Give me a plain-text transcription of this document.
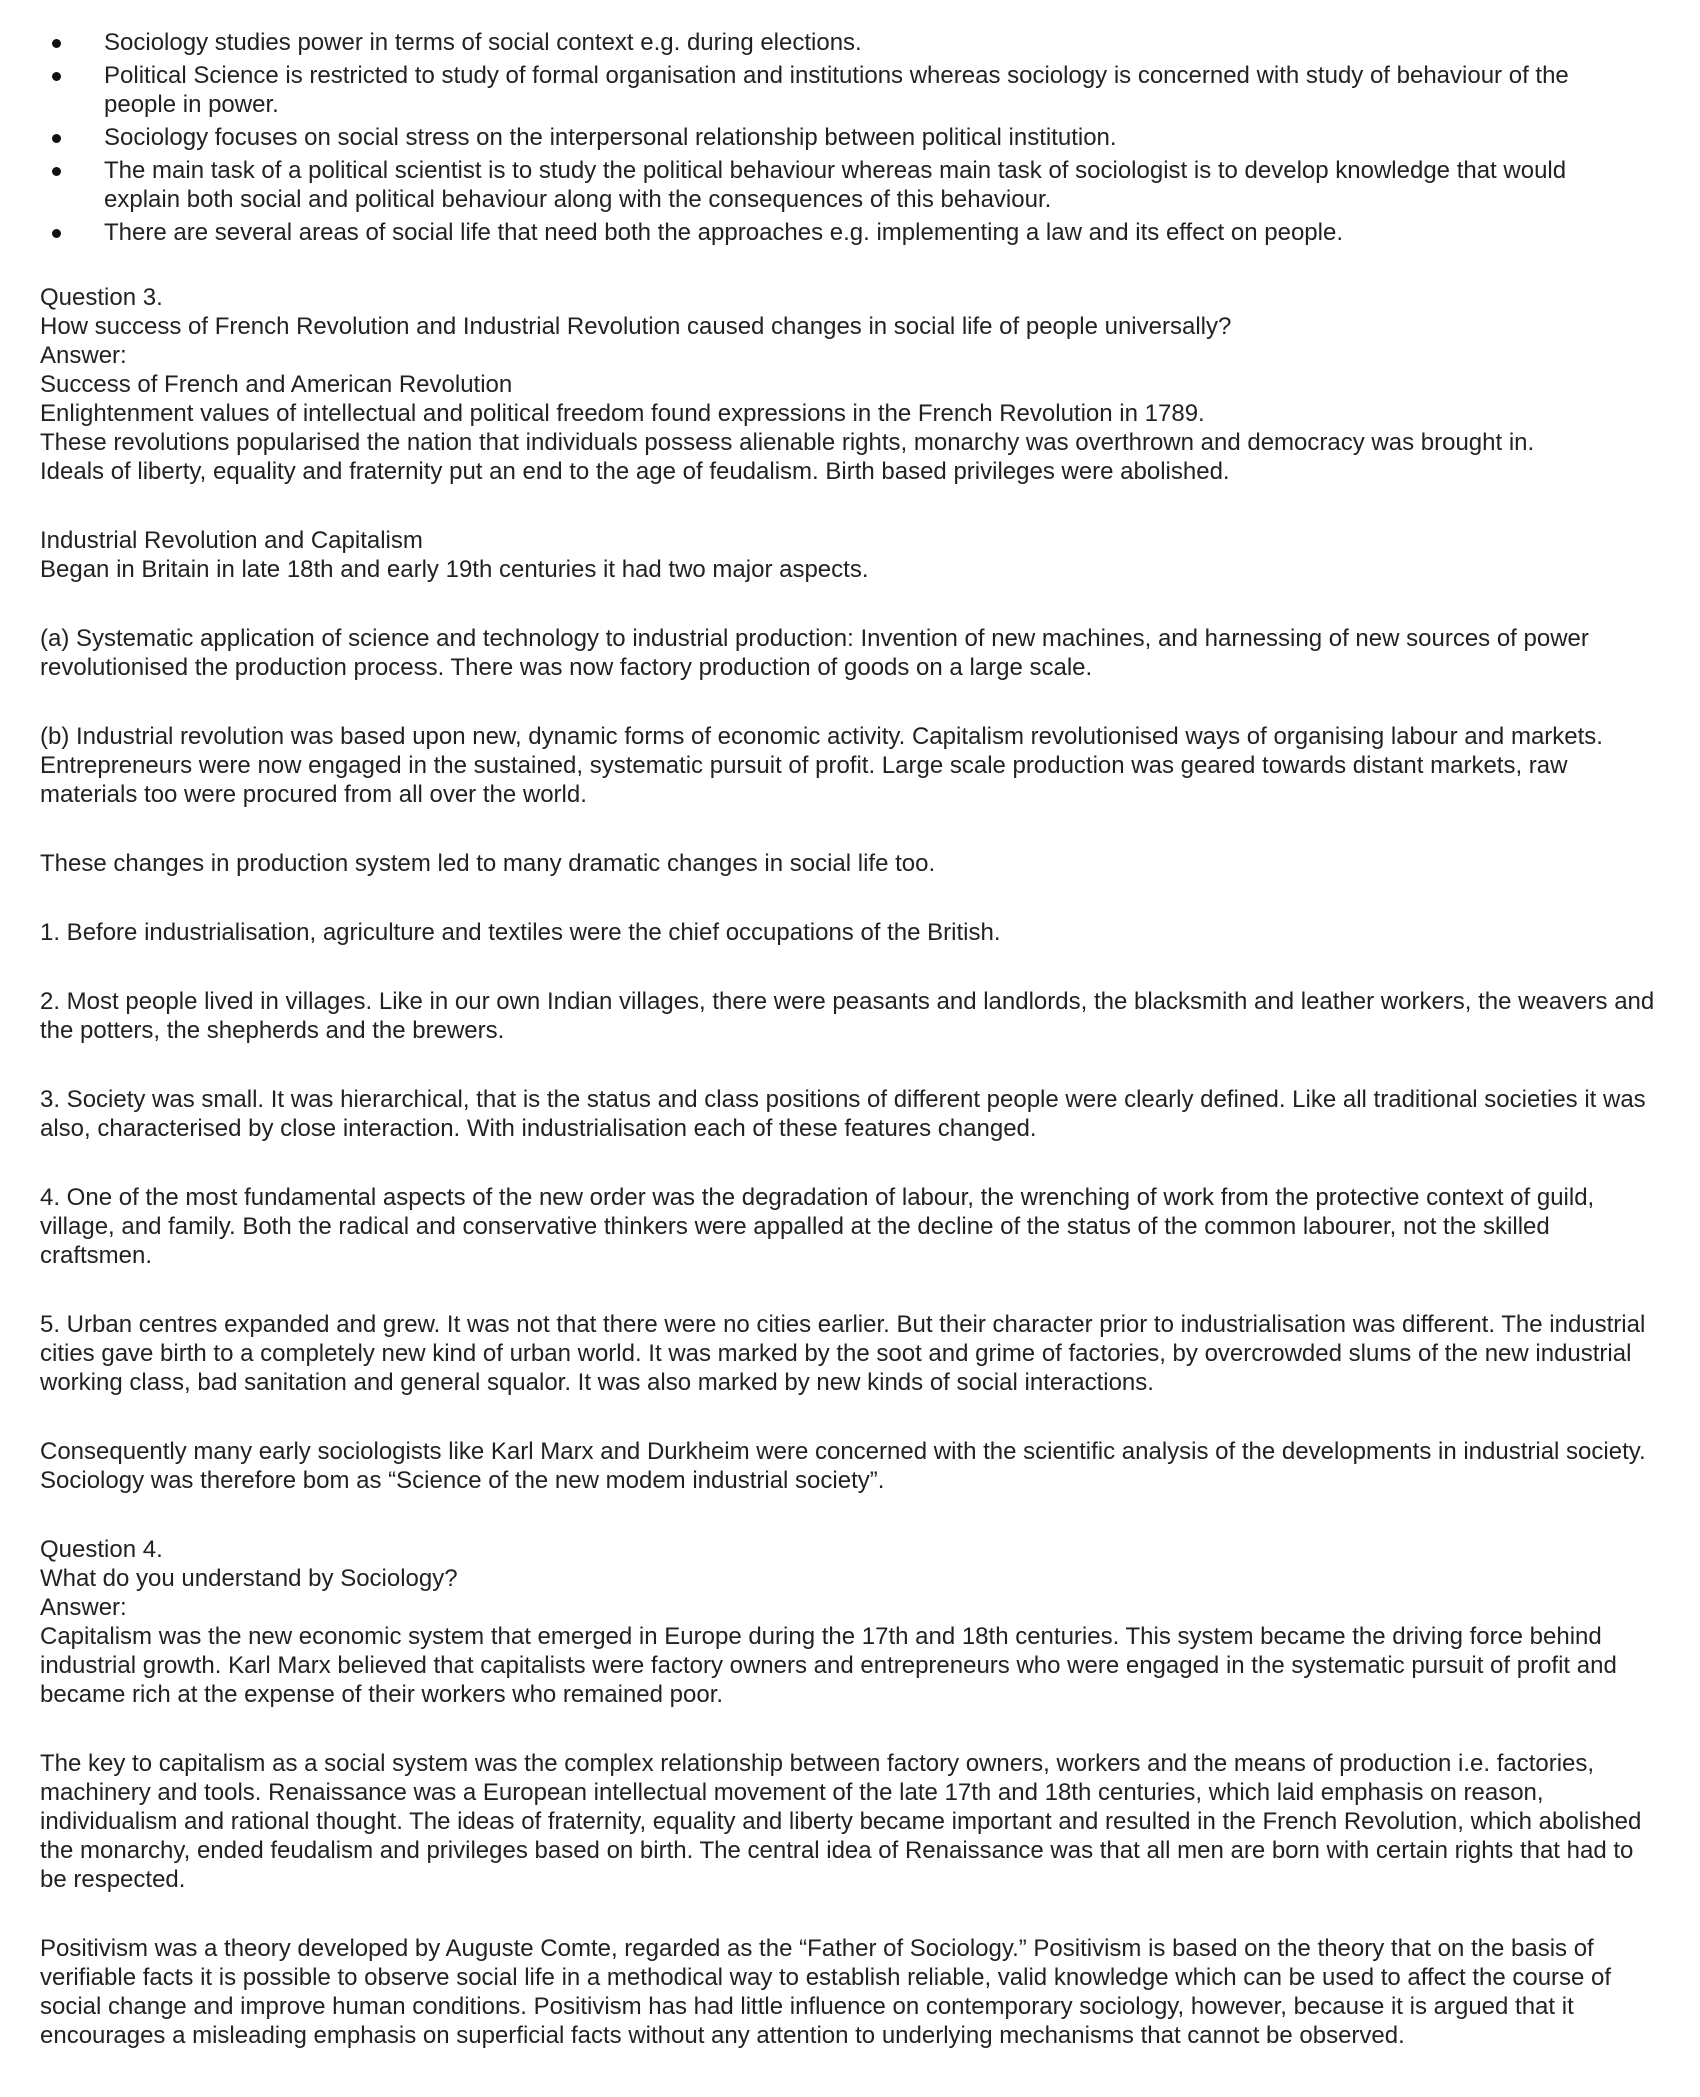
Sociology studies power in terms of social context e.g. during elections.
Political Science is restricted to study of formal organisation and institutions whereas sociology is concerned with study of behaviour of the people in power.
Sociology focuses on social stress on the interpersonal relationship between political institution.
The main task of a political scientist is to study the political behaviour whereas main task of sociologist is to develop knowledge that would explain both social and political behaviour along with the consequences of this behaviour.
There are several areas of social life that need both the approaches e.g. implementing a law and its effect on people.
Question 3.
How success of French Revolution and Industrial Revolution caused changes in social life of people universally?
Answer:
Success of French and American Revolution
Enlightenment values of intellectual and political freedom found expressions in the French Revolution in 1789.
These revolutions popularised the nation that individuals possess alienable rights, monarchy was overthrown and democracy was brought in.
Ideals of liberty, equality and fraternity put an end to the age of feudalism. Birth based privileges were abolished.

Industrial Revolution and Capitalism
Began in Britain in late 18th and early 19th centuries it had two major aspects.

(a) Systematic application of science and technology to industrial production: Invention of new machines, and harnessing of new sources of power revolutionised the production process. There was now factory production of goods on a large scale.

(b) Industrial revolution was based upon new, dynamic forms of economic activity. Capitalism revolutionised ways of organising labour and markets. Entrepreneurs were now engaged in the sustained, systematic pursuit of profit. Large scale production was geared towards distant markets, raw materials too were procured from all over the world.

These changes in production system led to many dramatic changes in social life too.

1. Before industrialisation, agriculture and textiles were the chief occupations of the British.

2. Most people lived in villages. Like in our own Indian villages, there were peasants and landlords, the blacksmith and leather workers, the weavers and the potters, the shepherds and the brewers.

3. Society was small. It was hierarchical, that is the status and class positions of different people were clearly defined. Like all traditional societies it was also, characterised by close interaction. With industrialisation each of these features changed.

4. One of the most fundamental aspects of the new order was the degradation of labour, the wrenching of work from the protective context of guild, village, and family. Both the radical and conservative thinkers were appalled at the decline of the status of the common labourer, not the skilled craftsmen.

5. Urban centres expanded and grew. It was not that there were no cities earlier. But their character prior to industrialisation was different. The industrial cities gave birth to a completely new kind of urban world. It was marked by the soot and grime of factories, by overcrowded slums of the new industrial working class, bad sanitation and general squalor. It was also marked by new kinds of social interactions.

Consequently many early sociologists like Karl Marx and Durkheim were concerned with the scientific analysis of the developments in industrial society.
Sociology was therefore bom as “Science of the new modem industrial society”.

Question 4.
What do you understand by Sociology?
Answer:

Capitalism was the new economic system that emerged in Europe during the 17th and 18th centuries. This system became the driving force behind industrial growth. Karl Marx believed that capitalists were factory owners and entrepreneurs who were engaged in the systematic pursuit of profit and became rich at the expense of their workers who remained poor.

The key to capitalism as a social system was the complex relationship between factory owners, workers and the means of production i.e. factories, machinery and tools. Renaissance was a European intellectual movement of the late 17th and 18th centuries, which laid emphasis on reason, individualism and rational thought. The ideas of fraternity, equality and liberty became important and resulted in the French Revolution, which abolished the monarchy, ended feudalism and privileges based on birth. The central idea of Renaissance was that all men are born with certain rights that had to be respected.

Positivism was a theory developed by Auguste Comte, regarded as the “Father of Sociology.” Positivism is based on the theory that on the basis of verifiable facts it is possible to observe social life in a methodical way to establish reliable, valid knowledge which can be used to affect the course of social change and improve human conditions. Positivism has had little influence on contemporary sociology, however, because it is argued that it encourages a misleading emphasis on superficial facts without any attention to underlying mechanisms that cannot be observed.
